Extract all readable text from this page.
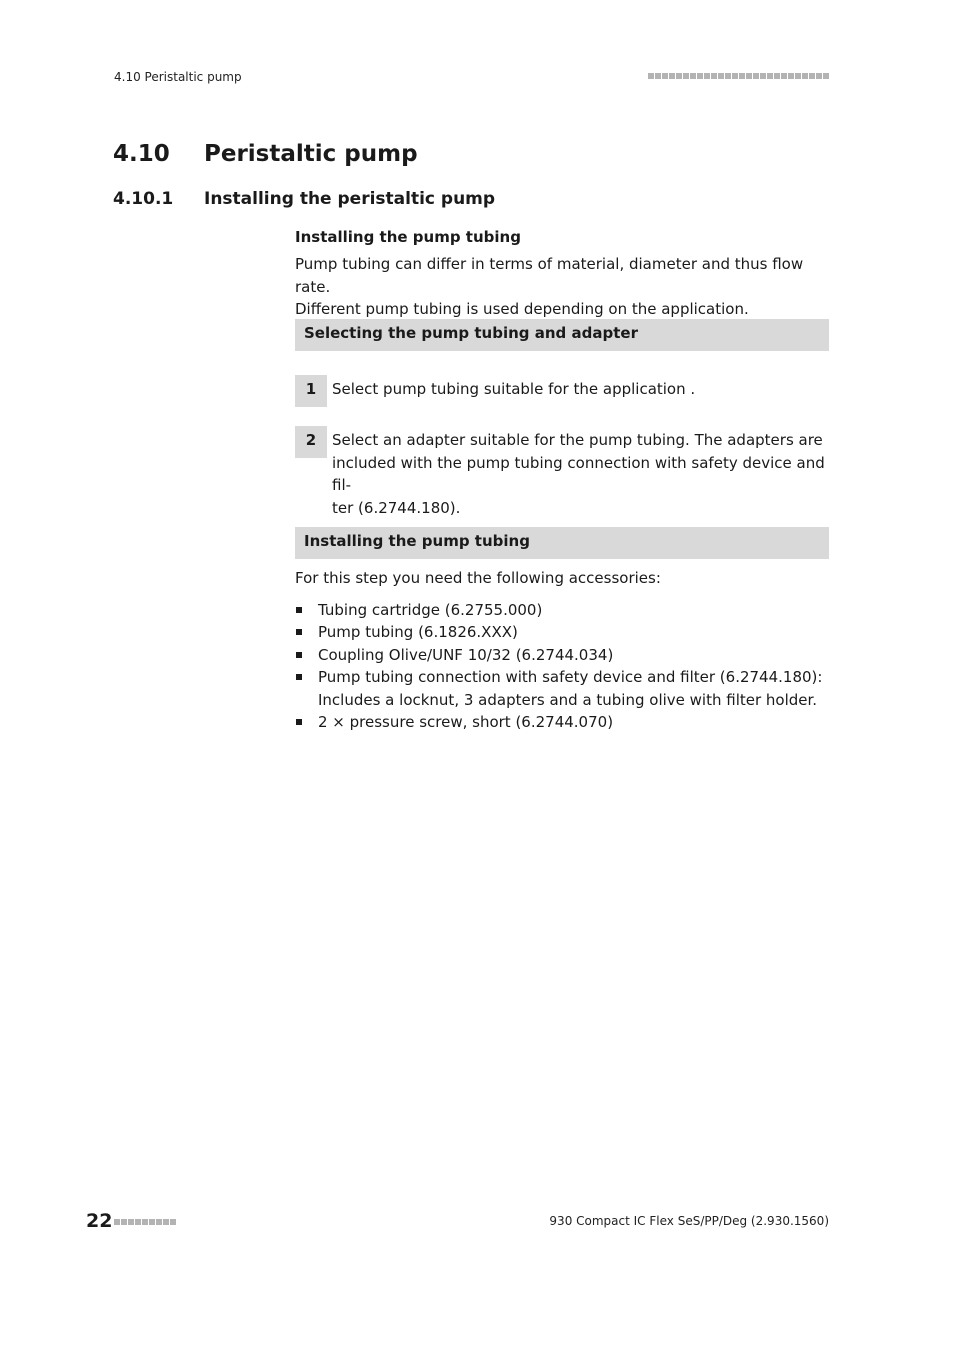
4.10 Peristaltic pump
4.10 Peristaltic pump
4.10.1 Installing the peristaltic pump
Installing the pump tubing
Pump tubing can differ in terms of material, diameter and thus flow rate.
Different pump tubing is used depending on the application.
Selecting the pump tubing and adapter
1	Select pump tubing suitable for the application .
2	Select an adapter suitable for the pump tubing. The adapters are
included with the pump tubing connection with safety device and fil-
ter (6.2744.180).
Installing the pump tubing
For this step you need the following accessories:
Tubing cartridge (6.2755.000)
Pump tubing (6.1826.XXX)
Coupling Olive/UNF 10/32 (6.2744.034)
Pump tubing connection with safety device and filter (6.2744.180):
Includes a locknut, 3 adapters and a tubing olive with filter holder.
2 × pressure screw, short (6.2744.070)
22	930 Compact IC Flex SeS/PP/Deg (2.930.1560)
